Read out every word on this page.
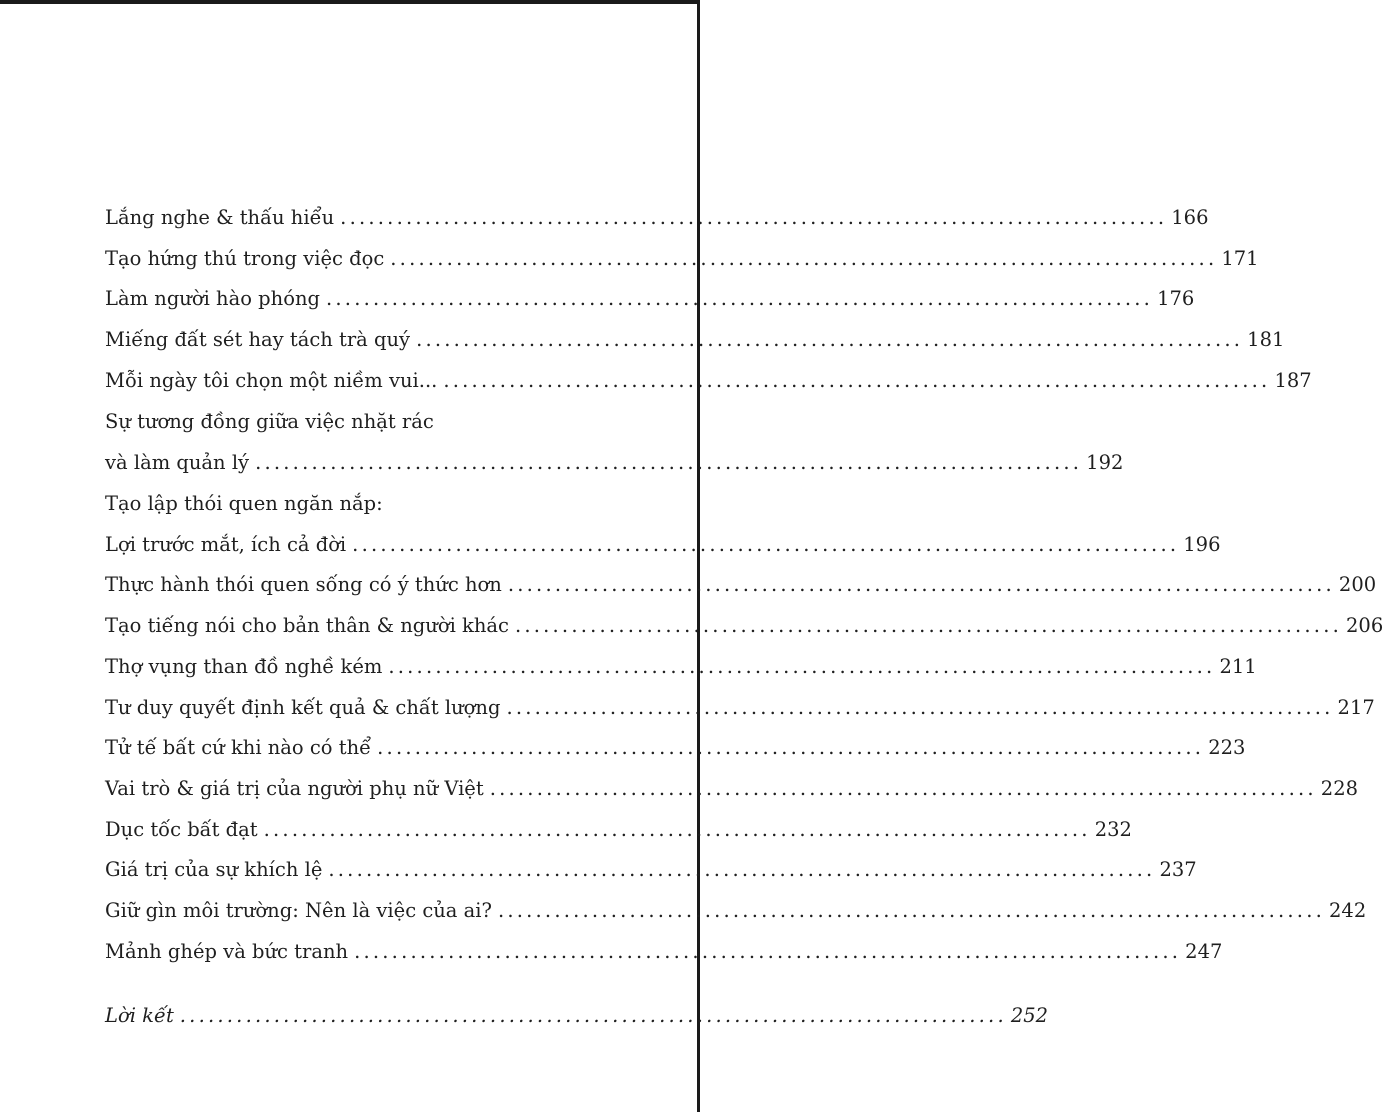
Lắng nghe & thấu hiểu ........................................................................................ 166
Tạo hứng thú trong việc đọc ........................................................................................ 171
Làm người hào phóng ........................................................................................ 176
Miếng đất sét hay tách trà quý ........................................................................................ 181
Mỗi ngày tôi chọn một niềm vui... ........................................................................................ 187
Sự tương đồng giữa việc nhặt rác
và làm quản lý ........................................................................................ 192
Tạo lập thói quen ngăn nắp:
Lợi trước mắt, ích cả đời ........................................................................................ 196
Thực hành thói quen sống có ý thức hơn ........................................................................................ 200
Tạo tiếng nói cho bản thân & người khác ........................................................................................ 206
Thợ vụng than đồ nghề kém ........................................................................................ 211
Tư duy quyết định kết quả & chất lượng ........................................................................................ 217
Tử tế bất cứ khi nào có thể ........................................................................................ 223
Vai trò & giá trị của người phụ nữ Việt ........................................................................................ 228
Dục tốc bất đạt ........................................................................................ 232
Giá trị của sự khích lệ ........................................................................................ 237
Giữ gìn môi trường: Nên là việc của ai? ........................................................................................ 242
Mảnh ghép và bức tranh ........................................................................................ 247
Lời kết ........................................................................................ 252
